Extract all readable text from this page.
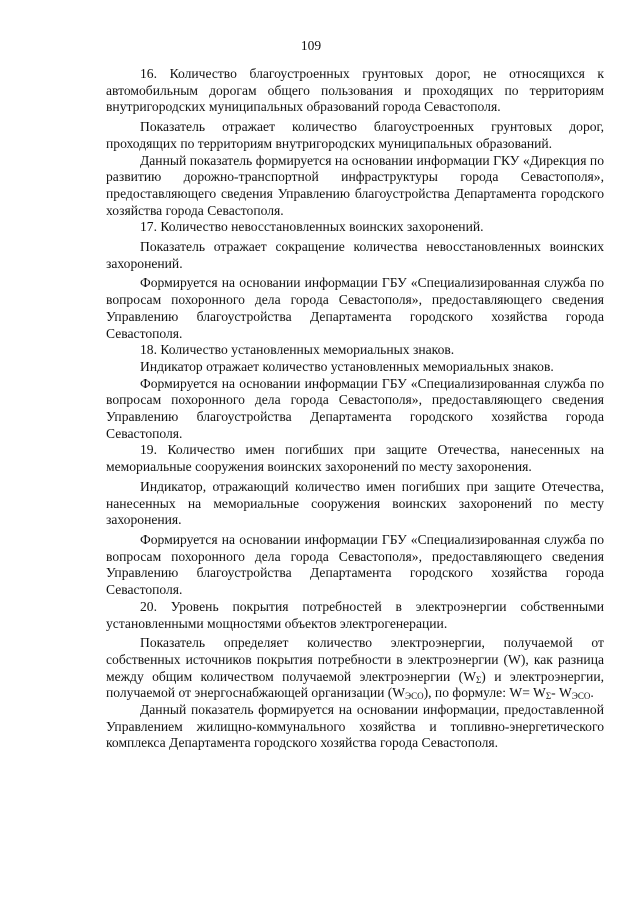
109

16. Количество благоустроенных грунтовых дорог, не относящихся к автомобильным дорогам общего пользования и проходящих по территориям внутригородских муниципальных образований города Севастополя.

Показатель отражает количество благоустроенных грунтовых дорог, проходящих по территориям внутригородских муниципальных образований.

Данный показатель формируется на основании информации ГКУ «Дирекция по развитию дорожно-транспортной инфраструктуры города Севастополя», предоставляющего сведения Управлению благоустройства Департамента городского хозяйства города Севастополя.

17. Количество невосстановленных воинских захоронений.

Показатель отражает сокращение количества невосстановленных воинских захоронений.

Формируется на основании информации ГБУ «Специализированная служба по вопросам похоронного дела города Севастополя», предоставляющего сведения Управлению благоустройства Департамента городского хозяйства города Севастополя.

18. Количество установленных мемориальных знаков.

Индикатор отражает количество установленных мемориальных знаков.

Формируется на основании информации ГБУ «Специализированная служба по вопросам похоронного дела города Севастополя», предоставляющего сведения Управлению благоустройства Департамента городского хозяйства города Севастополя.

19. Количество имен погибших при защите Отечества, нанесенных на мемориальные сооружения воинских захоронений по месту захоронения.

Индикатор, отражающий количество имен погибших при защите Отечества, нанесенных на мемориальные сооружения воинских захоронений по месту захоронения.

Формируется на основании информации ГБУ «Специализированная служба по вопросам похоронного дела города Севастополя», предоставляющего сведения Управлению благоустройства Департамента городского хозяйства города Севастополя.

20. Уровень покрытия потребностей в электроэнергии собственными установленными мощностями объектов электрогенерации.

Показатель определяет количество электроэнергии, получаемой от собственных источников покрытия потребности в электроэнергии (W), как разница между общим количеством получаемой электроэнергии $(W_\Sigma)$ и электроэнергии, получаемой от энергоснабжающей организации $(W_{ЭСО})$, по формуле: $W= W_\Sigma-$ $W_{ЭСО}$.

Данный показатель формируется на основании информации, предоставленной Управлением жилищно-коммунального хозяйства и топливно-энергетического комплекса Департамента городского хозяйства города Севастополя.
